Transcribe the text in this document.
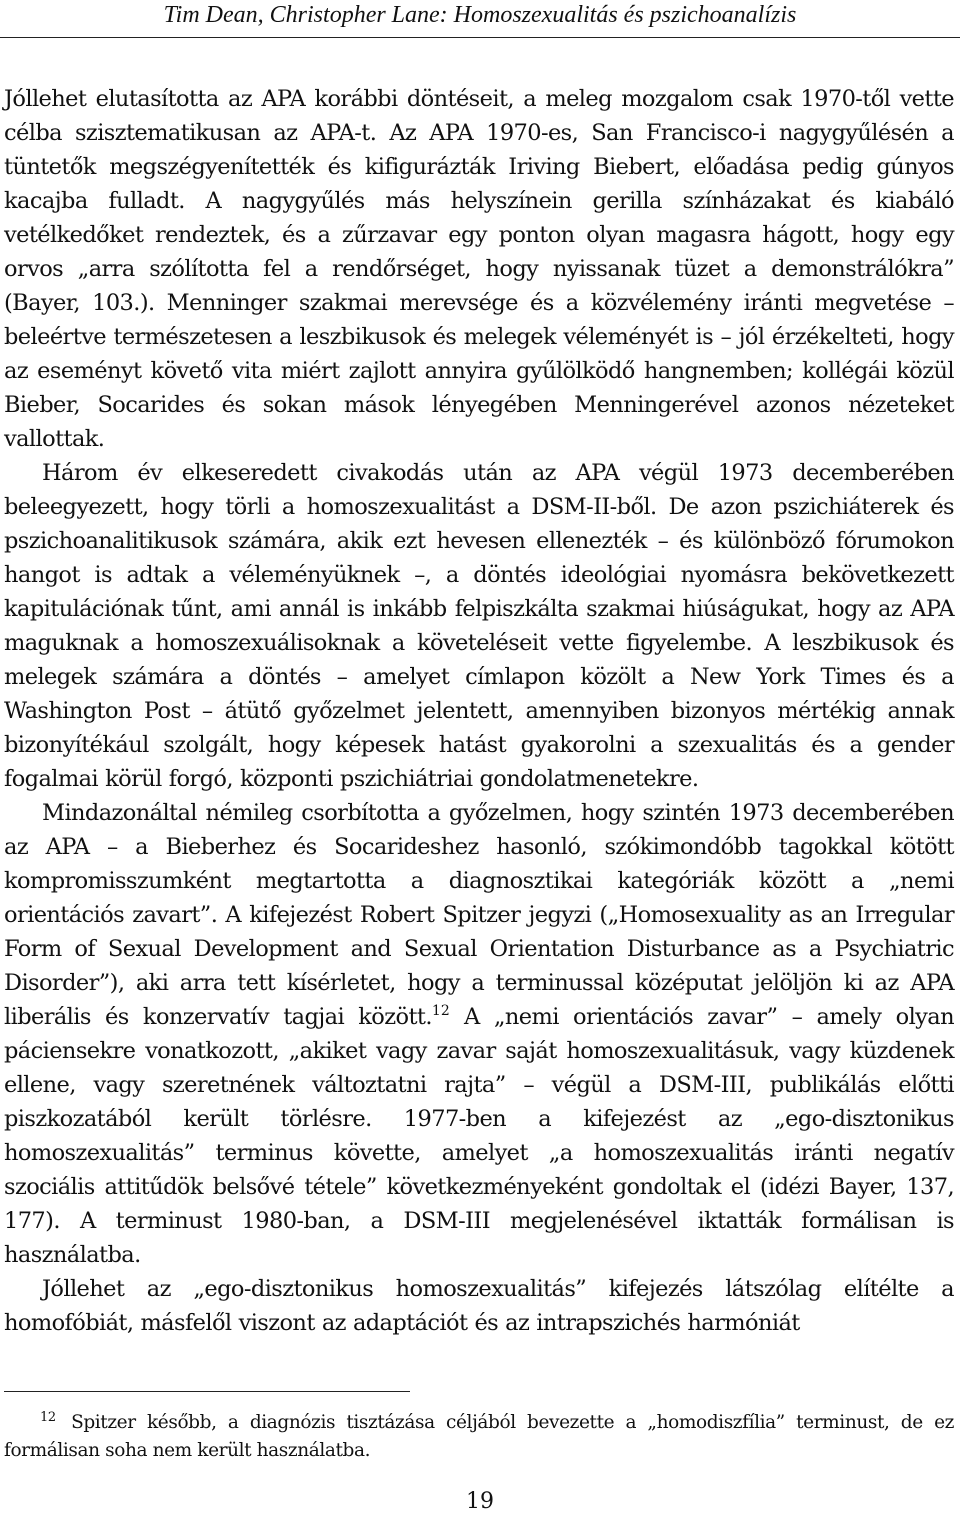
Tim Dean, Christopher Lane: Homoszexualitás és pszichoanalízis

Jóllehet elutasította az APA korábbi döntéseit, a meleg mozgalom csak 1970-től vette célba szisztematikusan az APA-t. Az APA 1970-es, San Francisco-i nagygyűlésén a tüntetők megszégyenítették és kifigurázták Iriving Biebert, előadása pedig gúnyos kacajba fulladt. A nagygyűlés más helyszínein gerilla színházakat és kiabáló vetélkedőket rendeztek, és a zűrzavar egy ponton olyan magasra hágott, hogy egy orvos „arra szólította fel a rendőrséget, hogy nyissanak tüzet a demonstrálókra” (Bayer, 103.). Menninger szakmai merevsége és a közvélemény iránti megvetése – beleértve természetesen a leszbikusok és melegek véleményét is – jól érzékelteti, hogy az eseményt követő vita miért zajlott annyira gyűlölködő hangnemben; kollégái közül Bieber, Socarides és sokan mások lényegében Menningerével azonos nézeteket vallottak.

Három év elkeseredett civakodás után az APA végül 1973 decemberében beleegyezett, hogy törli a homoszexualitást a DSM-II-ből. De azon pszichiáterek és pszichoanalitikusok számára, akik ezt hevesen ellenezték – és különböző fórumokon hangot is adtak a véleményüknek –, a döntés ideológiai nyomásra bekövetkezett kapitulációnak tűnt, ami annál is inkább felpiszkálta szakmai hiúságukat, hogy az APA maguknak a homoszexuálisoknak a követeléseit vette figyelembe. A leszbikusok és melegek számára a döntés – amelyet címlapon közölt a New York Times és a Washington Post – átütő győzelmet jelentett, amennyiben bizonyos mértékig annak bizonyítékául szolgált, hogy képesek hatást gyakorolni a szexualitás és a gender fogalmai körül forgó, központi pszichiátriai gondolatmenetekre.

Mindazonáltal némileg csorbította a győzelmen, hogy szintén 1973 decemberében az APA – a Bieberhez és Socarideshez hasonló, szókimondóbb tagokkal kötött kompromisszumként megtartotta a diagnosztikai kategóriák között a „nemi orientációs zavart”. A kifejezést Robert Spitzer jegyzi („Homosexuality as an Irregular Form of Sexual Development and Sexual Orientation Disturbance as a Psychiatric Disorder”), aki arra tett kísérletet, hogy a terminussal középutat jelöljön ki az APA liberális és konzervatív tagjai között.$^{12}$ A „nemi orientációs zavar” – amely olyan páciensekre vonatkozott, „akiket vagy zavar saját homoszexualitásuk, vagy küzdenek ellene, vagy szeretnének változtatni rajta” – végül a DSM-III, publikálás előtti piszkozatából került törlésre. 1977-ben a kifejezést az „ego-disztonikus homoszexualitás” terminus követte, amelyet „a homoszexualitás iránti negatív szociális attitűdök belsővé tétele” következményeként gondoltak el (idézi Bayer, 137, 177). A terminust 1980-ban, a DSM-III megjelenésével iktatták formálisan is használatba.

Jóllehet az „ego-disztonikus homoszexualitás” kifejezés látszólag elítélte a homofóbiát, másfelől viszont az adaptációt és az intrapszichés harmóniát

$^{12}$ Spitzer később, a diagnózis tisztázása céljából bevezette a „homodiszfília” terminust, de ez formálisan soha nem került használatba.
19
